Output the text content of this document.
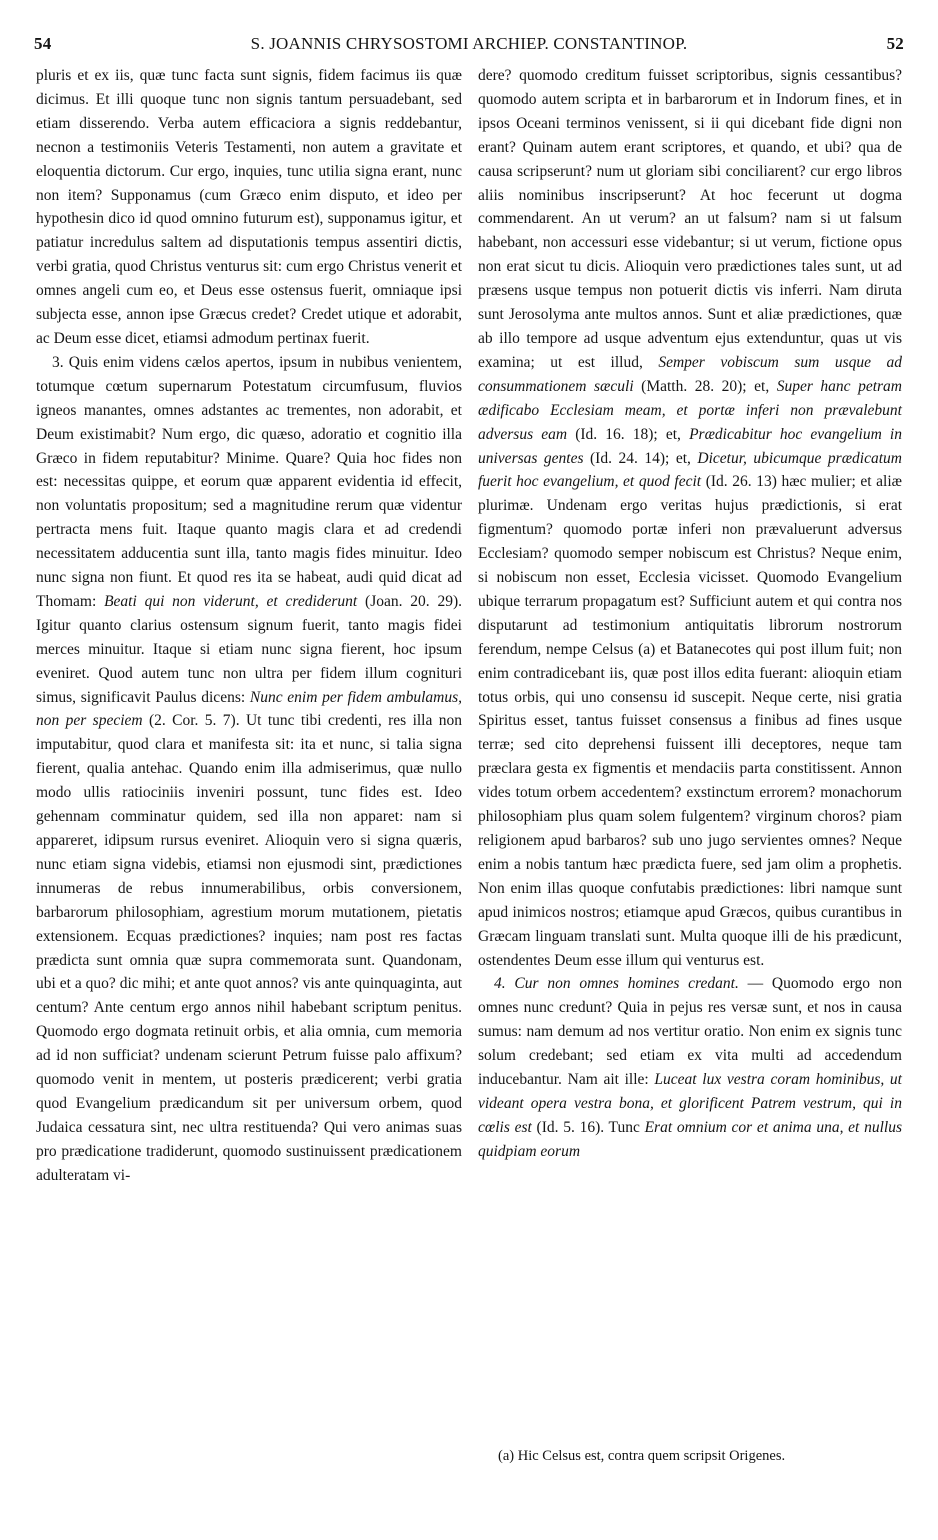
54	S. JOANNIS CHRYSOSTOMI ARCHIEP. CONSTANTINOP.	52

pluris et ex iis, quæ tunc facta sunt signis, fidem facimus iis quæ dicimus. Et illi quoque tunc non signis tantum persuadebant, sed etiam disserendo. Verba autem efficaciora a signis reddebantur, necnon a testimoniis Veteris Testamenti, non autem a gravitate et eloquentia dictorum. Cur ergo, inquies, tunc utilia signa erant, nunc non item? Supponamus (cum Græco enim disputo, et ideo per hypothesin dico id quod omnino futurum est), supponamus igitur, et patiatur incredulus saltem ad disputationis tempus assentiri dictis, verbi gratia, quod Christus venturus sit: cum ergo Christus venerit et omnes angeli cum eo, et Deus esse ostensus fuerit, omniaque ipsi subjecta esse, annon ipse Græcus credet? Credet utique et adorabit, ac Deum esse dicet, etiamsi admodum pertinax fuerit.

3. Quis enim videns cælos apertos, ipsum in nubibus venientem, totumque cœtum supernarum Potestatum circumfusum, fluvios igneos manantes, omnes adstantes ac trementes, non adorabit, et Deum existimabit? Num ergo, dic quæso, adoratio et cognitio illa Græco in fidem reputabitur? Minime. Quare? Quia hoc fides non est: necessitas quippe, et eorum quæ apparent evidentia id effecit, non voluntatis propositum; sed a magnitudine rerum quæ videntur pertracta mens fuit. Itaque quanto magis clara et ad credendi necessitatem adducentia sunt illa, tanto magis fides minuitur. Ideo nunc signa non fiunt. Et quod res ita se habeat, audi quid dicat ad Thomam: Beati qui non viderunt, et crediderunt (Joan. 20. 29). Igitur quanto clarius ostensum signum fuerit, tanto magis fidei merces minuitur. Itaque si etiam nunc signa fierent, hoc ipsum eveniret. Quod autem tunc non ultra per fidem illum cognituri simus, significavit Paulus dicens: Nunc enim per fidem ambulamus, non per speciem (2. Cor. 5. 7). Ut tunc tibi credenti, res illa non imputabitur, quod clara et manifesta sit: ita et nunc, si talia signa fierent, qualia antehac. Quando enim illa admiserimus, quæ nullo modo ullis ratiociniis inveniri possunt, tunc fides est. Ideo gehennam comminatur quidem, sed illa non apparet: nam si appareret, idipsum rursus eveniret. Alioquin vero si signa quæris, nunc etiam signa videbis, etiamsi non ejusmodi sint, prædictiones innumeras de rebus innumerabilibus, orbis conversionem, barbarorum philosophiam, agrestium morum mutationem, pietatis extensionem. Ecquas prædictiones? inquies; nam post res factas prædicta sunt omnia quæ supra commemorata sunt. Quandonam, ubi et a quo? dic mihi; et ante quot annos? vis ante quinquaginta, aut centum? Ante centum ergo annos nihil habebant scriptum penitus. Quomodo ergo dogmata retinuit orbis, et alia omnia, cum memoria ad id non sufficiat? undenam scierunt Petrum fuisse palo affixum? quomodo venit in mentem, ut posteris prædicerent; verbi gratia quod Evangelium prædicandum sit per universum orbem, quod Judaica cessatura sint, nec ultra restituenda? Qui vero animas suas pro prædicatione tradiderunt, quomodo sustinuissent prædicationem adulteratam vi-

dere? quomodo creditum fuisset scriptoribus, signis cessantibus? quomodo autem scripta et in barbarorum et in Indorum fines, et in ipsos Oceani terminos venissent, si ii qui dicebant fide digni non erant? Quinam autem erant scriptores, et quando, et ubi? qua de causa scripserunt? num ut gloriam sibi conciliarent? cur ergo libros aliis nominibus inscripserunt? At hoc fecerunt ut dogma commendarent. An ut verum? an ut falsum? nam si ut falsum habebant, non accessuri esse videbantur; si ut verum, fictione opus non erat sicut tu dicis. Alioquin vero prædictiones tales sunt, ut ad præsens usque tempus non potuerit dictis vis inferri. Nam diruta sunt Jerosolyma ante multos annos. Sunt et aliæ prædictiones, quæ ab illo tempore ad usque adventum ejus extenduntur, quas ut vis examina; ut est illud, Semper vobiscum sum usque ad consummationem sæculi (Matth. 28. 20); et, Super hanc petram ædificabo Ecclesiam meam, et portæ inferi non prævalebunt adversus eam (Id. 16. 18); et, Prædicabitur hoc evangelium in universas gentes (Id. 24. 14); et, Dicetur, ubicumque prædicatum fuerit hoc evangelium, et quod fecit (Id. 26. 13) hæc mulier; et aliæ plurimæ. Undenam ergo veritas hujus prædictionis, si erat figmentum? quomodo portæ inferi non prævaluerunt adversus Ecclesiam? quomodo semper nobiscum est Christus? Neque enim, si nobiscum non esset, Ecclesia vicisset. Quomodo Evangelium ubique terrarum propagatum est? Sufficiunt autem et qui contra nos disputarunt ad testimonium antiquitatis librorum nostrorum ferendum, nempe Celsus (a) et Batanecotes qui post illum fuit; non enim contradicebant iis, quæ post illos edita fuerant: alioquin etiam totus orbis, qui uno consensu id suscepit. Neque certe, nisi gratia Spiritus esset, tantus fuisset consensus a finibus ad fines usque terræ; sed cito deprehensi fuissent illi deceptores, neque tam præclara gesta ex figmentis et mendaciis parta constitissent. Annon vides totum orbem accedentem? exstinctum errorem? monachorum philosophiam plus quam solem fulgentem? virginum choros? piam religionem apud barbaros? sub uno jugo servientes omnes? Neque enim a nobis tantum hæc prædicta fuere, sed jam olim a prophetis. Non enim illas quoque confutabis prædictiones: libri namque sunt apud inimicos nostros; etiamque apud Græcos, quibus curantibus in Græcam linguam translati sunt. Multa quoque illi de his prædicunt, ostendentes Deum esse illum qui venturus est.

4. Cur non omnes homines credant. — Quomodo ergo non omnes nunc credunt? Quia in pejus res versæ sunt, et nos in causa sumus: nam demum ad nos vertitur oratio. Non enim ex signis tunc solum credebant; sed etiam ex vita multi ad accedendum inducebantur. Nam ait ille: Luceat lux vestra coram hominibus, ut videant opera vestra bona, et glorificent Patrem vestrum, qui in cœlis est (Id. 5. 16). Tunc Erat omnium cor et anima una, et nullus quidpiam eorum

(a) Hic Celsus est, contra quem scripsit Origenes.
